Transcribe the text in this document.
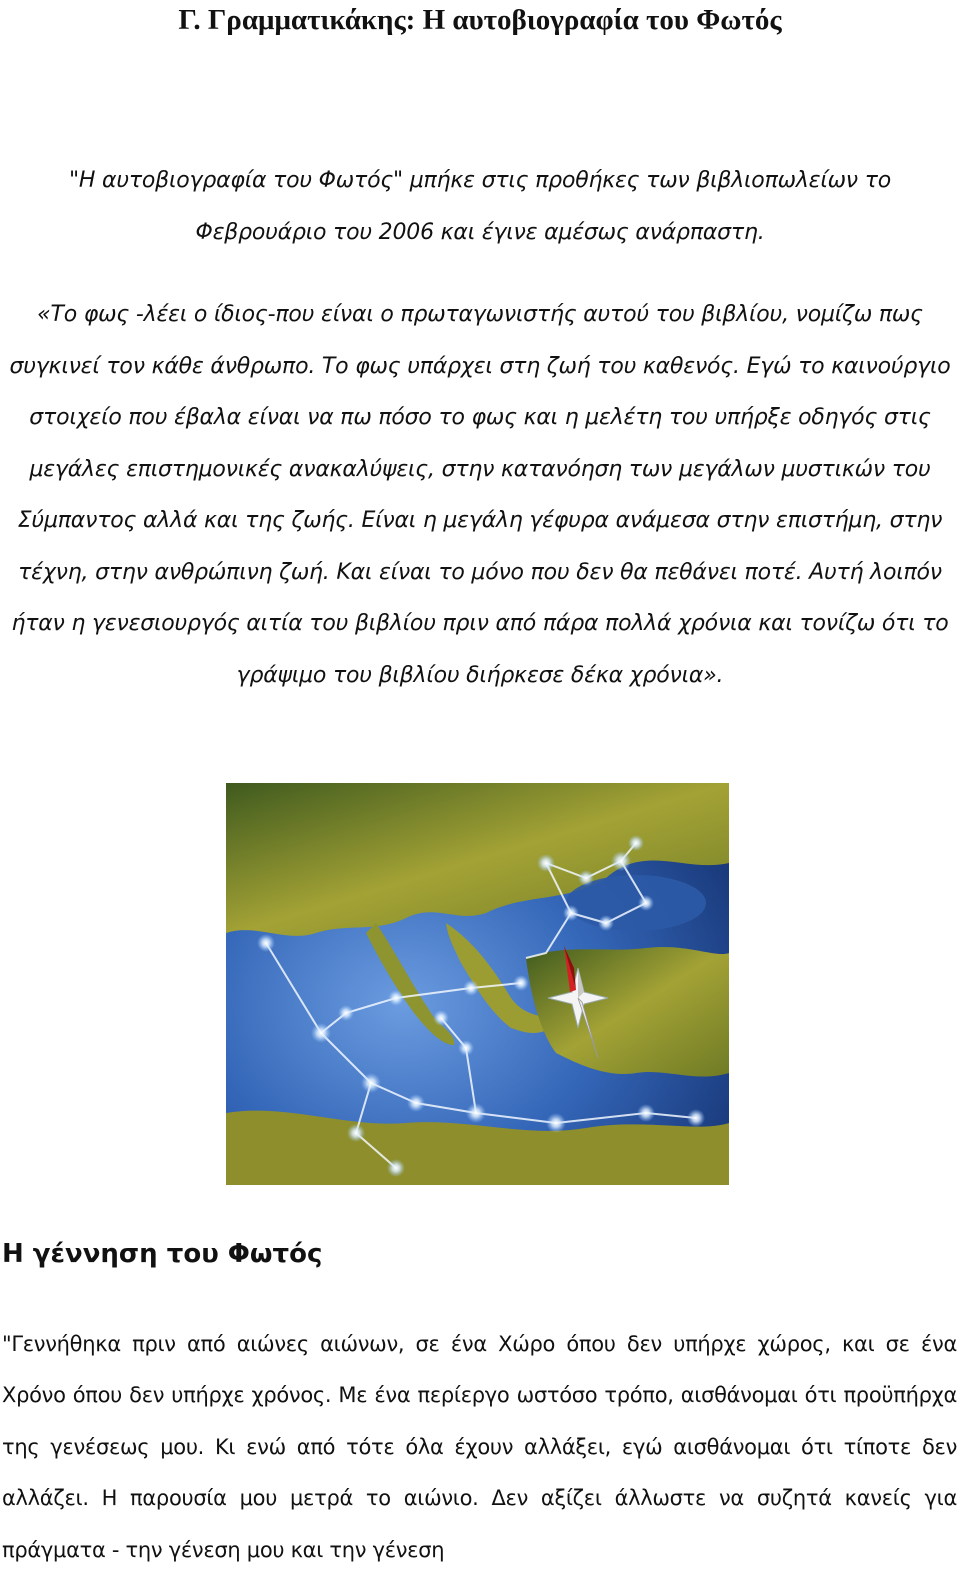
Γ. Γραμματικάκης: Η αυτοβιογραφία του Φωτός

"Η αυτοβιογραφία του Φωτός" μπήκε στις προθήκες των βιβλιοπωλείων το Φεβρουάριο του 2006 και έγινε αμέσως ανάρπαστη.

«Το φως -λέει ο ίδιος-που είναι ο πρωταγωνιστής αυτού του βιβλίου, νομίζω πως συγκινεί τον κάθε άνθρωπο. Το φως υπάρχει στη ζωή του καθενός. Εγώ το καινούργιο στοιχείο που έβαλα είναι να πω πόσο το φως και η μελέτη του υπήρξε οδηγός στις μεγάλες επιστημονικές ανακαλύψεις, στην κατανόηση των μεγάλων μυστικών του Σύμπαντος αλλά και της ζωής. Είναι η μεγάλη γέφυρα ανάμεσα στην επιστήμη, στην τέχνη, στην ανθρώπινη ζωή. Και είναι το μόνο που δεν θα πεθάνει ποτέ. Αυτή λοιπόν ήταν η γενεσιουργός αιτία του βιβλίου πριν από πάρα πολλά χρόνια και τονίζω ότι το γράψιμο του βιβλίου διήρκεσε δέκα χρόνια».

Η γέννηση του Φωτός

"Γεννήθηκα πριν από αιώνες αιώνων, σε ένα Χώρο όπου δεν υπήρχε χώρος, και σε ένα Χρόνο όπου δεν υπήρχε χρόνος. Με ένα περίεργο ωστόσο τρόπο, αισθάνομαι ότι προϋπήρχα της γενέσεως μου. Κι ενώ από τότε όλα έχουν αλλάξει, εγώ αισθάνομαι ότι τίποτε δεν αλλάζει. Η παρουσία μου μετρά το αιώνιο. Δεν αξίζει άλλωστε να συζητά κανείς για πράγματα - την γένεση μου και την γένεση
